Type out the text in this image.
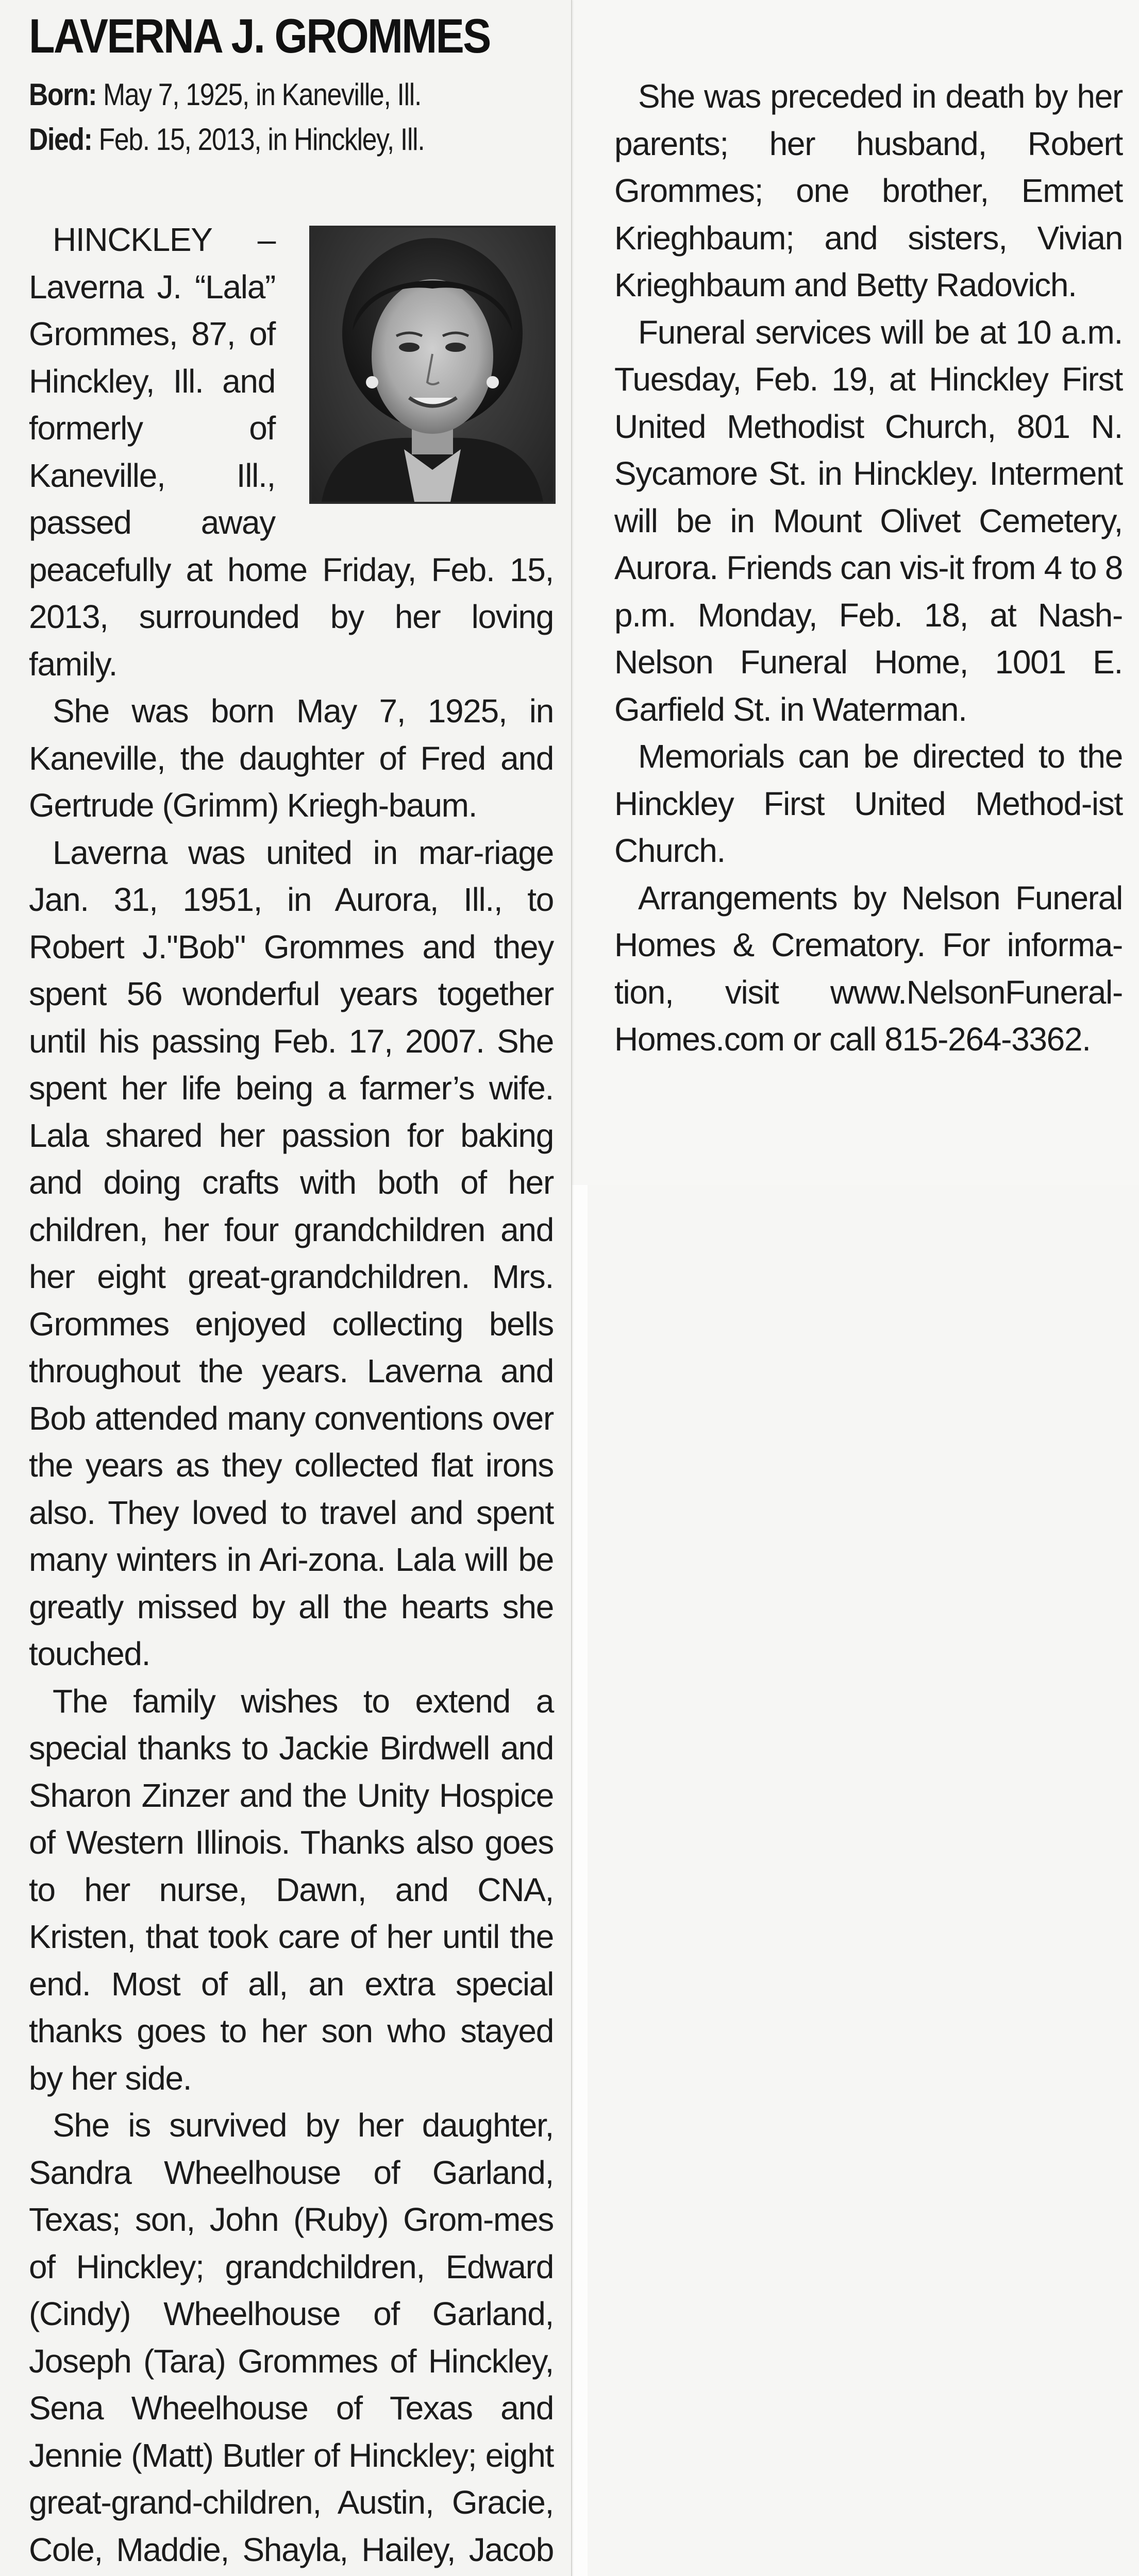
LAVERNA J. GROMMES
Born: May 7, 1925, in Kaneville, Ill.
Died: Feb. 15, 2013, in Hinckley, Ill.

HINCKLEY – Laverna J. “Lala” Grommes, 87, of Hinckley, Ill. and formerly of Kaneville, Ill., passed away peacefully at home Friday, Feb. 15, 2013, surrounded by her loving family.

She was born May 7, 1925, in Kaneville, the daughter of Fred and Gertrude (Grimm) Kriegh-baum.

Laverna was united in mar-riage Jan. 31, 1951, in Aurora, Ill., to Robert J."Bob" Grommes and they spent 56 wonderful years together until his passing Feb. 17, 2007. She spent her life being a farmer’s wife. Lala shared her passion for baking and doing crafts with both of her children, her four grandchildren and her eight great-grandchildren. Mrs. Grommes enjoyed collecting bells throughout the years. Laverna and Bob attended many conventions over the years as they collected flat irons also. They loved to travel and spent many winters in Ari-zona. Lala will be greatly missed by all the hearts she touched.

The family wishes to extend a special thanks to Jackie Birdwell and Sharon Zinzer and the Unity Hospice of Western Illinois. Thanks also goes to her nurse, Dawn, and CNA, Kristen, that took care of her until the end. Most of all, an extra special thanks goes to her son who stayed by her side.

She is survived by her daughter, Sandra Wheelhouse of Garland, Texas; son, John (Ruby) Grom-mes of Hinckley; grandchildren, Edward (Cindy) Wheelhouse of Garland, Joseph (Tara) Grommes of Hinckley, Sena Wheelhouse of Texas and Jennie (Matt) Butler of Hinckley; eight great-grand-children, Austin, Gracie, Cole, Maddie, Shayla, Hailey, Jacob

She was preceded in death by her parents; her husband, Robert Grommes; one brother, Emmet Krieghbaum; and sisters, Vivian Krieghbaum and Betty Radovich.

Funeral services will be at 10 a.m. Tuesday, Feb. 19, at Hinckley First United Methodist Church, 801 N. Sycamore St. in Hinckley. Interment will be in Mount Olivet Cemetery, Aurora. Friends can vis-it from 4 to 8 p.m. Monday, Feb. 18, at Nash-Nelson Funeral Home, 1001 E. Garfield St. in Waterman.

Memorials can be directed to the Hinckley First United Method-ist Church.

Arrangements by Nelson Funeral Homes & Crematory. For informa-tion, visit www.NelsonFuneral-Homes.com or call 815-264-3362.
